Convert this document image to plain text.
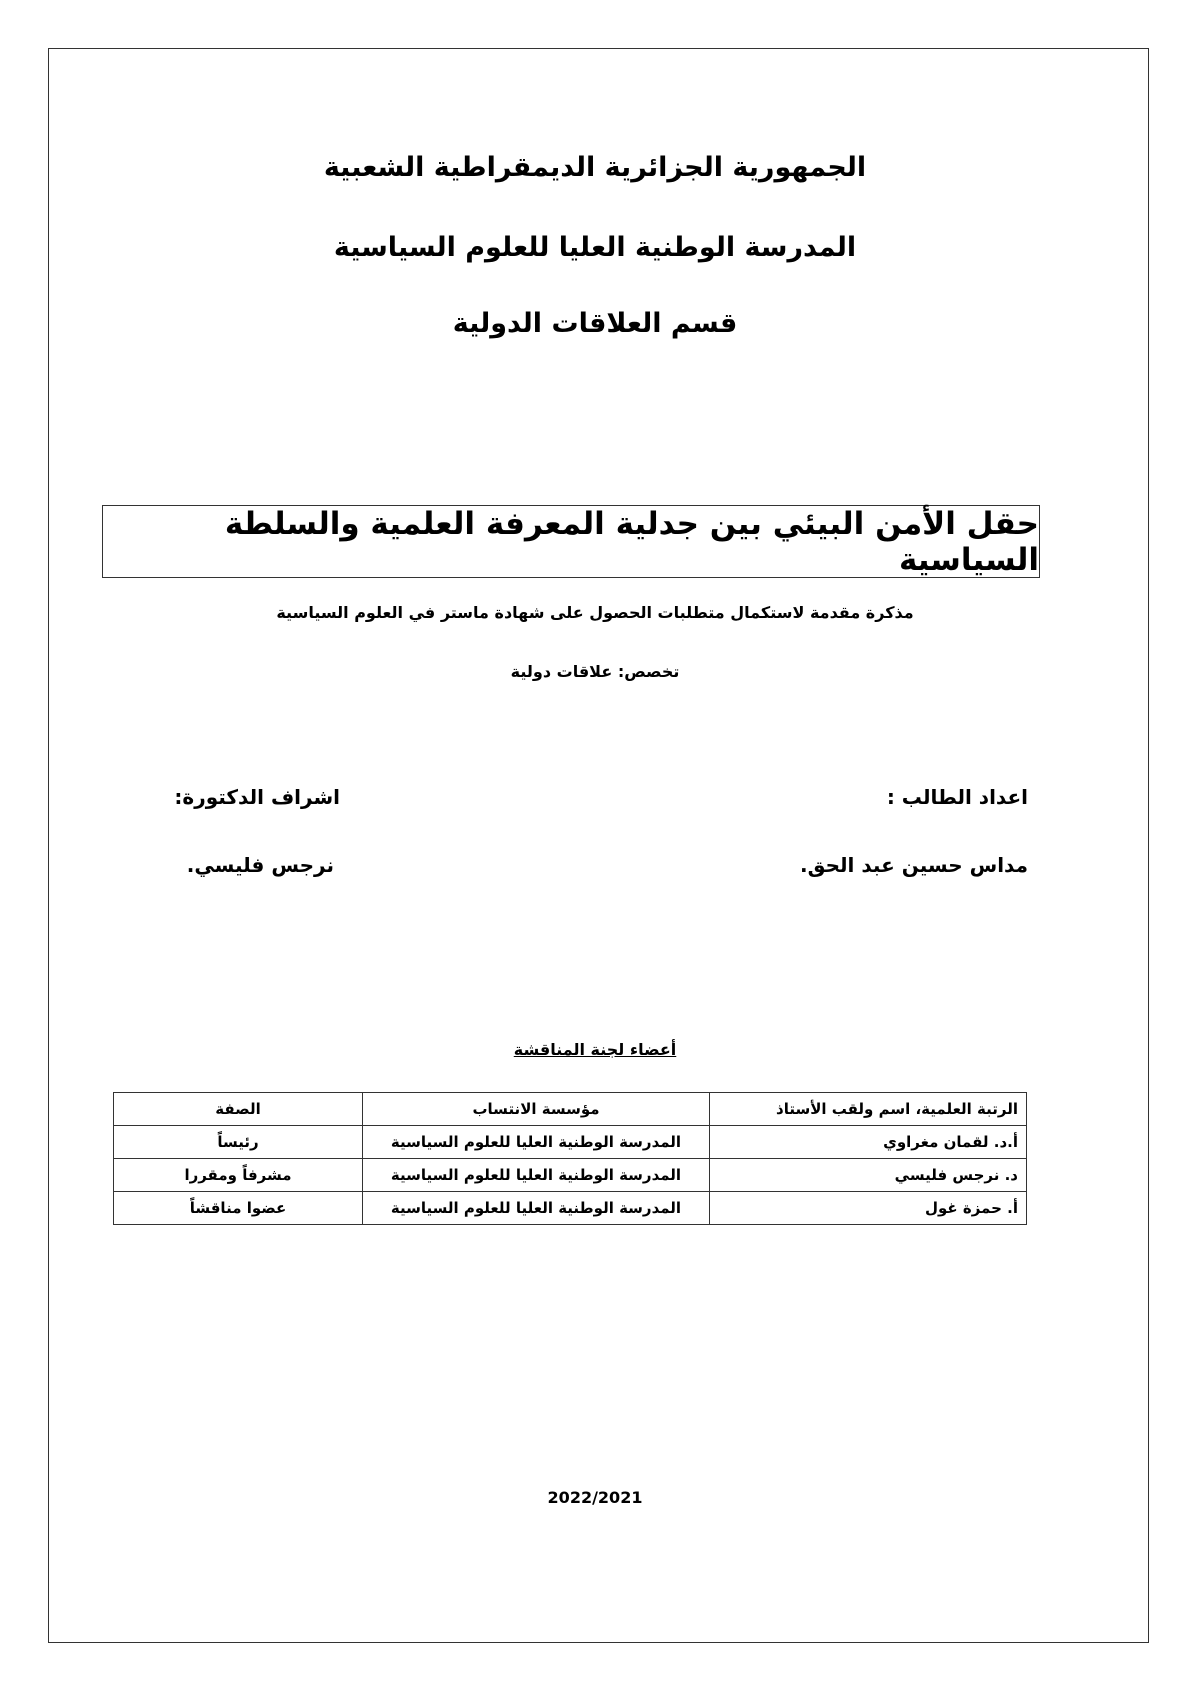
الجمهورية الجزائرية الديمقراطية الشعبية
المدرسة الوطنية العليا للعلوم السياسية
قسم العلاقات الدولية
حقل الأمن البيئي بين جدلية المعرفة العلمية والسلطة السياسية
مذكرة مقدمة لاستكمال متطلبات الحصول على شهادة ماستر في العلوم السياسية
تخصص: علاقات دولية
اعداد الطالب :
مداس حسين عبد الحق.
اشراف الدكتورة:
نرجس فليسي.
أعضاء لجنة المناقشة
الرتبة العلمية، اسم ولقب الأستاذ	مؤسسة الانتساب	الصفة
أ.د. لقمان مغراوي	المدرسة الوطنية العليا للعلوم السياسية	رئيساً
د. نرجس فليسي	المدرسة الوطنية العليا للعلوم السياسية	مشرفاً ومقررا
أ. حمزة غول	المدرسة الوطنية العليا للعلوم السياسية	عضوا مناقشاً
2022/2021
